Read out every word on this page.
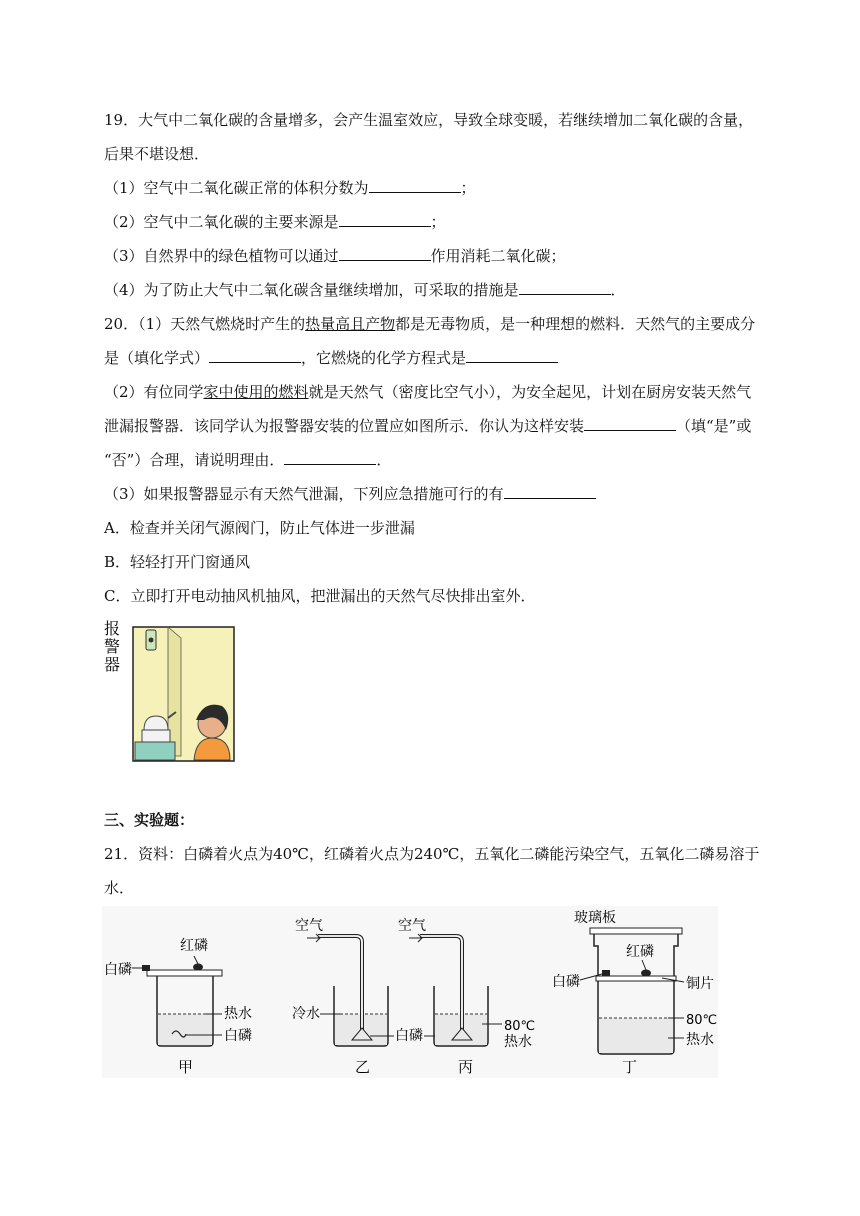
19．大气中二氧化碳的含量增多，会产生温室效应，导致全球变暖，若继续增加二氧化碳的含量，
后果不堪设想．
（1）空气中二氧化碳正常的体积分数为	；
（2）空气中二氧化碳的主要来源是	；
（3）自然界中的绿色植物可以通过	作用消耗二氧化碳；
（4）为了防止大气中二氧化碳含量继续增加，可采取的措施是	．
20．（1）天然气燃烧时产生的热量高且产物都是无毒物质，是一种理想的燃料．天然气的主要成分
是（填化学式）	，它燃烧的化学方程式是
（2）有位同学家中使用的燃料就是天然气（密度比空气小），为安全起见，计划在厨房安装天然气
泄漏报警器．该同学认为报警器安装的位置应如图所示．你认为这样安装	（填“是”或
“否”）合理，请说明理由．	．
（3）如果报警器显示有天然气泄漏，下列应急措施可行的有
A．检查并关闭气源阀门，防止气体进一步泄漏
B．轻轻打开门窗通风
C．立即打开电动抽风机抽风，把泄漏出的天然气尽快排出室外．
报
警
器
三、实验题：
21．资料：白磷着火点为40℃，红磷着火点为240℃，五氧化二磷能污染空气，五氧化二磷易溶于
水．
红磷
白磷
热水
白磷
甲
空气
冷水
乙
白磷
空气
80℃
热水
丙
玻璃板
红磷
白磷	铜片
80℃
热水
丁
